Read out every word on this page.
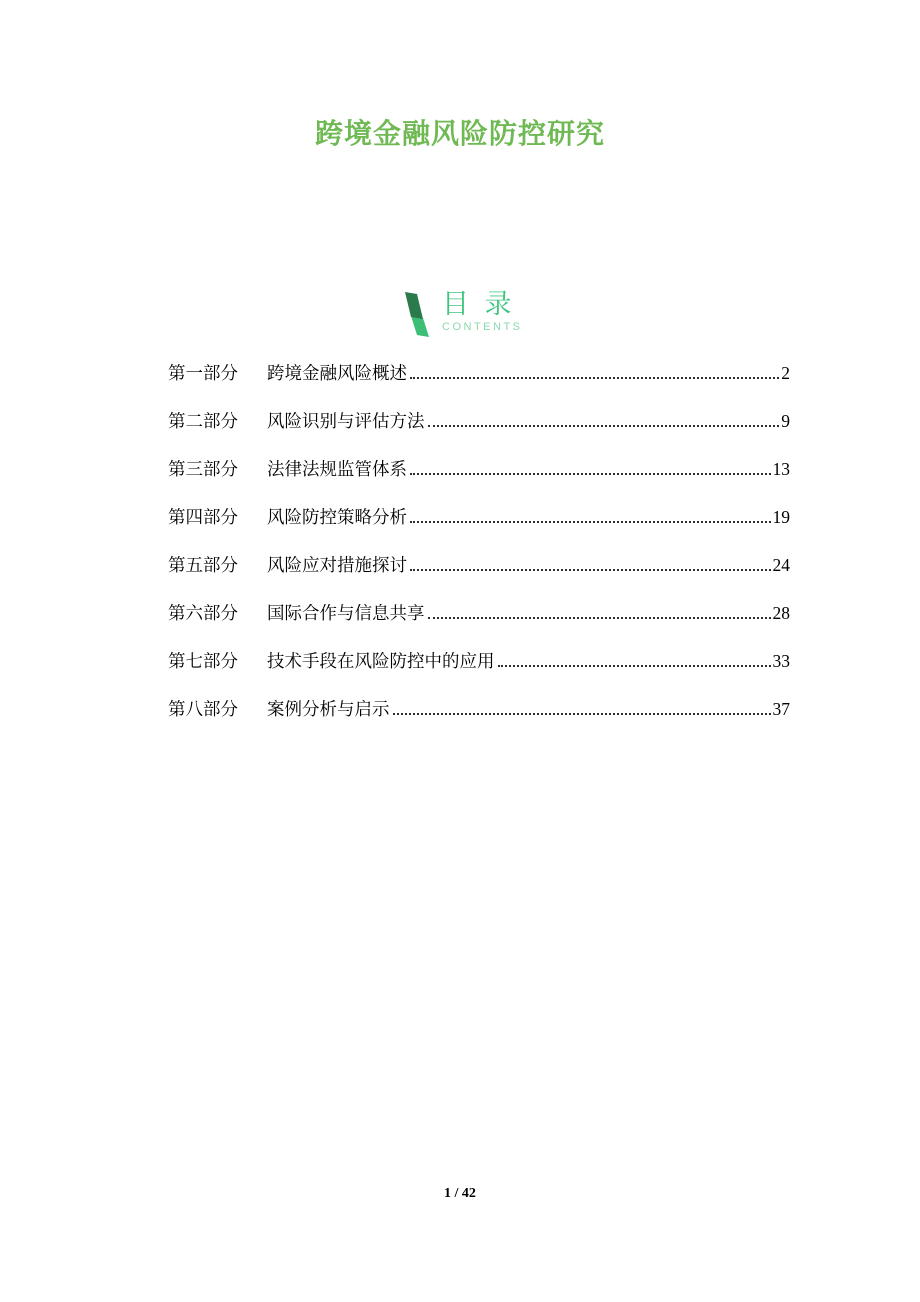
跨境金融风险防控研究
目 录
CONTENTS
第一部分	跨境金融风险概述	2
第二部分	风险识别与评估方法	9
第三部分	法律法规监管体系	13
第四部分	风险防控策略分析	19
第五部分	风险应对措施探讨	24
第六部分	国际合作与信息共享	28
第七部分	技术手段在风险防控中的应用	33
第八部分	案例分析与启示	37
1 / 42
